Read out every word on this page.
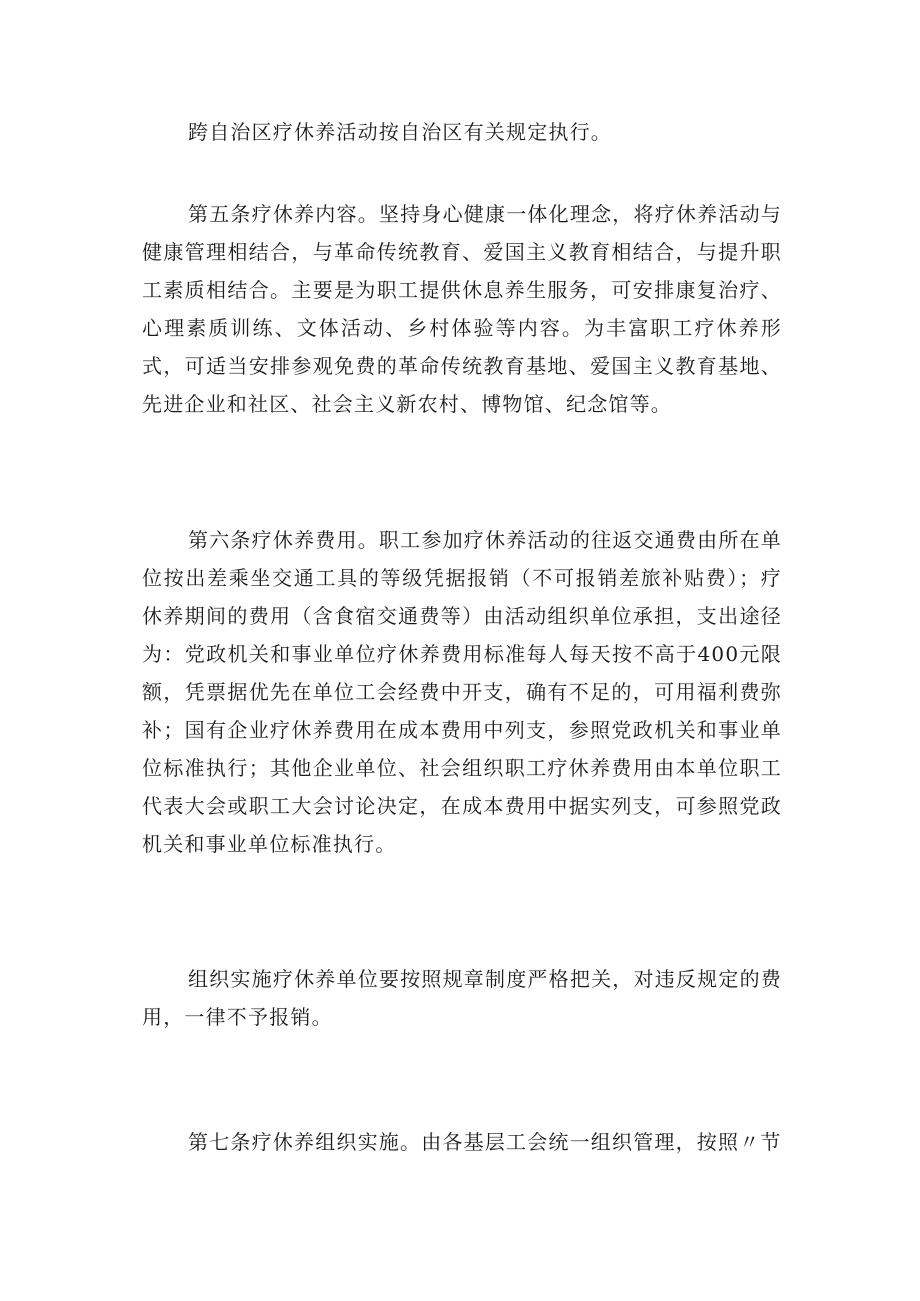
跨自治区疗休养活动按自治区有关规定执行。

第五条疗休养内容。坚持身心健康一体化理念，将疗休养活动与健康管理相结合，与革命传统教育、爱国主义教育相结合，与提升职工素质相结合。主要是为职工提供休息养生服务，可安排康复治疗、心理素质训练、文体活动、乡村体验等内容。为丰富职工疗休养形式，可适当安排参观免费的革命传统教育基地、爱国主义教育基地、先进企业和社区、社会主义新农村、博物馆、纪念馆等。

第六条疗休养费用。职工参加疗休养活动的往返交通费由所在单位按出差乘坐交通工具的等级凭据报销（不可报销差旅补贴费）；疗休养期间的费用（含食宿交通费等）由活动组织单位承担，支出途径为：党政机关和事业单位疗休养费用标准每人每天按不高于400元限额，凭票据优先在单位工会经费中开支，确有不足的，可用福利费弥补；国有企业疗休养费用在成本费用中列支，参照党政机关和事业单位标准执行；其他企业单位、社会组织职工疗休养费用由本单位职工代表大会或职工大会讨论决定，在成本费用中据实列支，可参照党政机关和事业单位标准执行。

组织实施疗休养单位要按照规章制度严格把关，对违反规定的费用，一律不予报销。

第七条疗休养组织实施。由各基层工会统一组织管理，按照〃节
